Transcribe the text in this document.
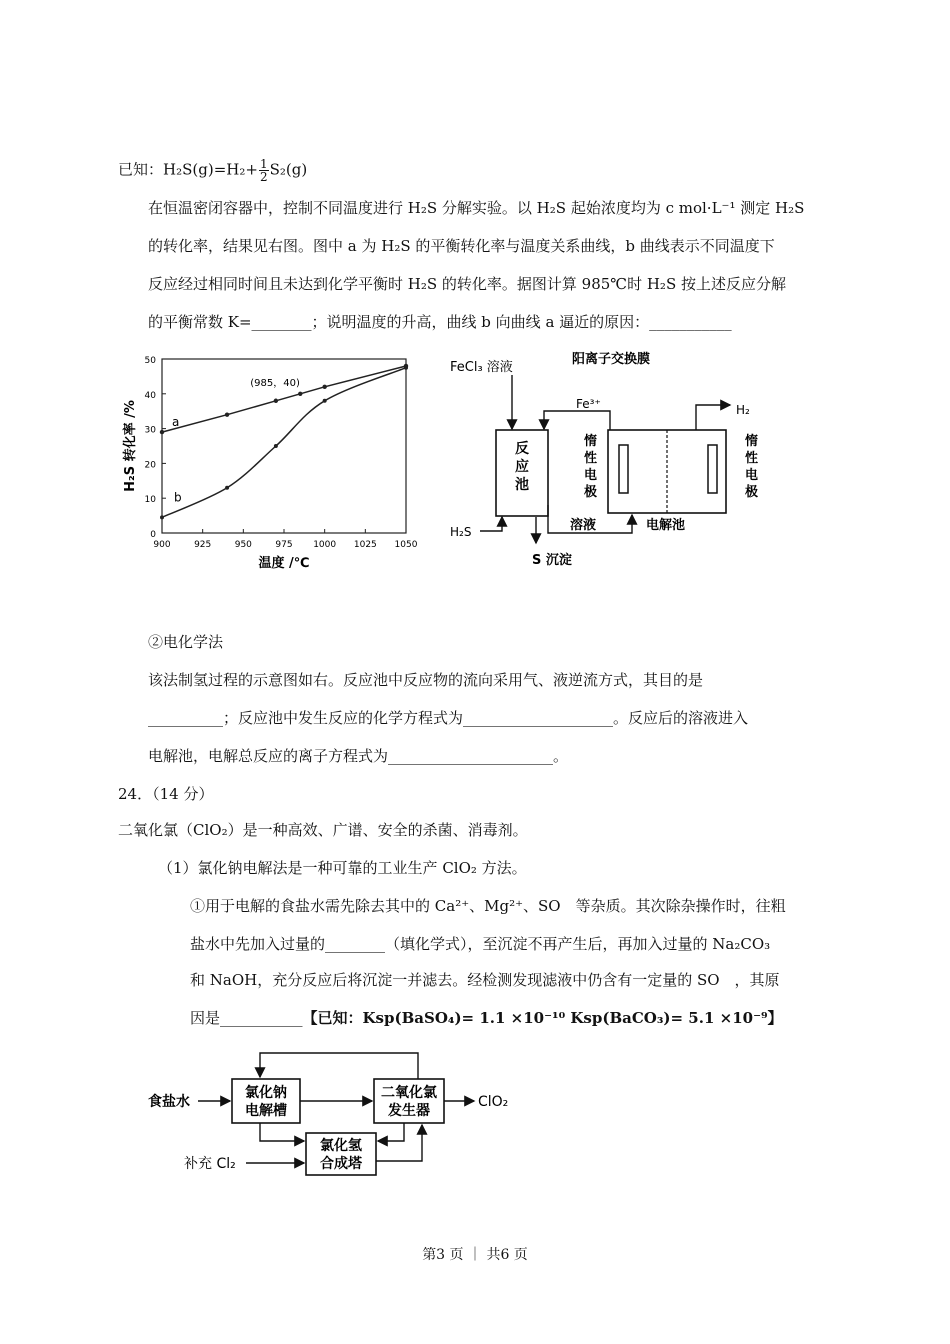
已知：$H_2S(g)=H_2+ \frac{1}{2} S_2(g)$
在恒温密闭容器中，控制不同温度进行 H₂S 分解实验。以 H₂S 起始浓度均为 c mol·L⁻¹ 测定 H₂S
的转化率，结果见右图。图中 a 为 H₂S 的平衡转化率与温度关系曲线，b 曲线表示不同温度下
反应经过相同时间且未达到化学平衡时 H₂S 的转化率。据图计算 985℃时 H₂S 按上述反应分解
的平衡常数 K=________；说明温度的升高，曲线 b 向曲线 a 逼近的原因：___________
0
10
20
30
40
50
900	925	950	975 1000 1025 1050
温度 /℃
H₂S 转化率 /%	a
b
(985，40)
FeCl₃ 溶液
阳离子交换膜
Fe³⁺	H₂
反
应
池
惰
性
电
极
惰
性
电
极
溶液	电解池
H₂S
S 沉淀
②电化学法
该法制氢过程的示意图如右。反应池中反应物的流向采用气、液逆流方式，其目的是
__________；反应池中发生反应的化学方程式为____________________。反应后的溶液进入
电解池，电解总反应的离子方程式为______________________。
24．（14 分）
二氧化氯（ClO₂）是一种高效、广谱、安全的杀菌、消毒剂。
（1）氯化钠电解法是一种可靠的工业生产 ClO₂ 方法。
①用于电解的食盐水需先除去其中的 Ca²⁺、Mg²⁺、SO　等杂质。其次除杂操作时，往粗
盐水中先加入过量的________（填化学式），至沉淀不再产生后，再加入过量的 Na₂CO₃
和 NaOH，充分反应后将沉淀一并滤去。经检测发现滤液中仍含有一定量的 SO　，其原
因是___________【已知：Ksp(BaSO₄)= 1.1 ×10⁻¹⁰ Ksp(BaCO₃)= 5.1 ×10⁻⁹】
食盐水
氯化钠
电解槽
二氧化氯
发生器
ClO₂
氯化氢
合成塔
补充 Cl₂
第3 页 ｜ 共6 页
